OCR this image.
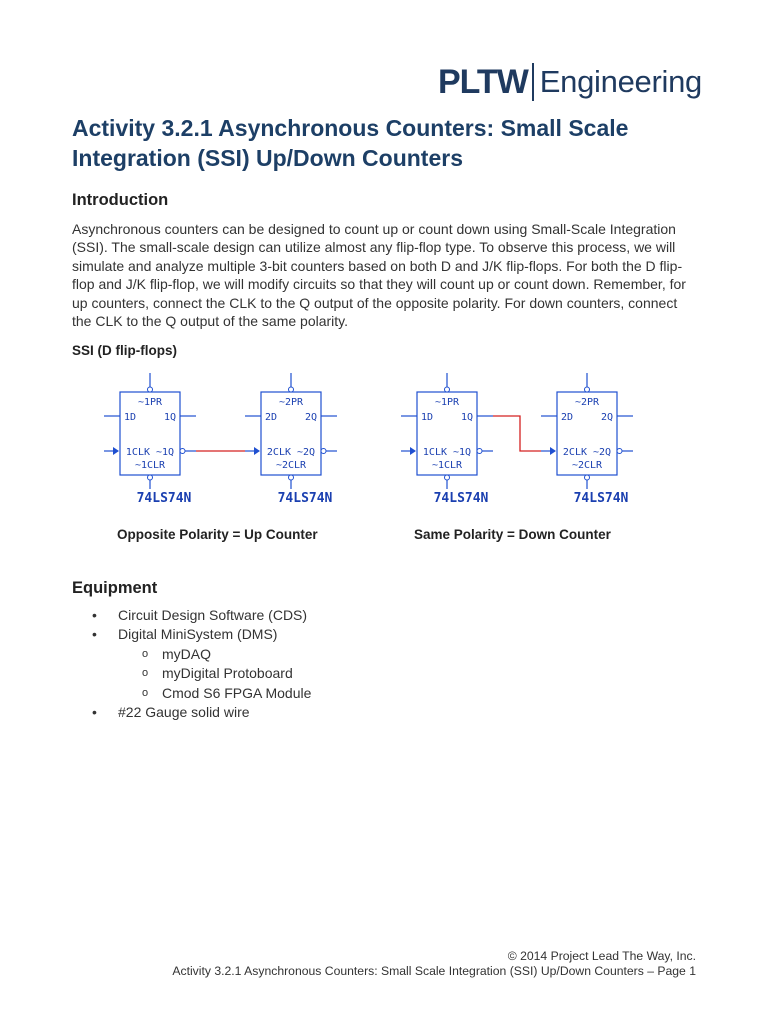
PLTW Engineering
Activity 3.2.1 Asynchronous Counters: Small Scale Integration (SSI) Up/Down Counters
Introduction

Asynchronous counters can be designed to count up or count down using Small-Scale Integration (SSI). The small-scale design can utilize almost any flip-flop type. To observe this process, we will simulate and analyze multiple 3-bit counters based on both D and J/K flip-flops. For both the D flip-flop and J/K flip-flop, we will modify circuits so that they will count up or count down. Remember, for up counters, connect the CLK to the Q output of the opposite polarity. For down counters, connect the CLK to the Q output of the same polarity.

SSI (D flip-flops)

~1PR
1D	1Q
1CLK ~1Q
~1CLR
74LS74N
~2PR
2D	2Q
2CLK ~2Q
~2CLR
74LS74N
~1PR
1D	1Q
1CLK ~1Q
~1CLR
74LS74N
~2PR
2D	2Q
2CLK ~2Q
~2CLR
74LS74N

Opposite Polarity = Up Counter	Same Polarity = Down Counter

Equipment
• Circuit Design Software (CDS)
• Digital MiniSystem (DMS)
o myDAQ
o myDigital Protoboard
o Cmod S6 FPGA Module
• #22 Gauge solid wire
© 2014 Project Lead The Way, Inc.
Activity 3.2.1 Asynchronous Counters: Small Scale Integration (SSI) Up/Down Counters – Page 1
